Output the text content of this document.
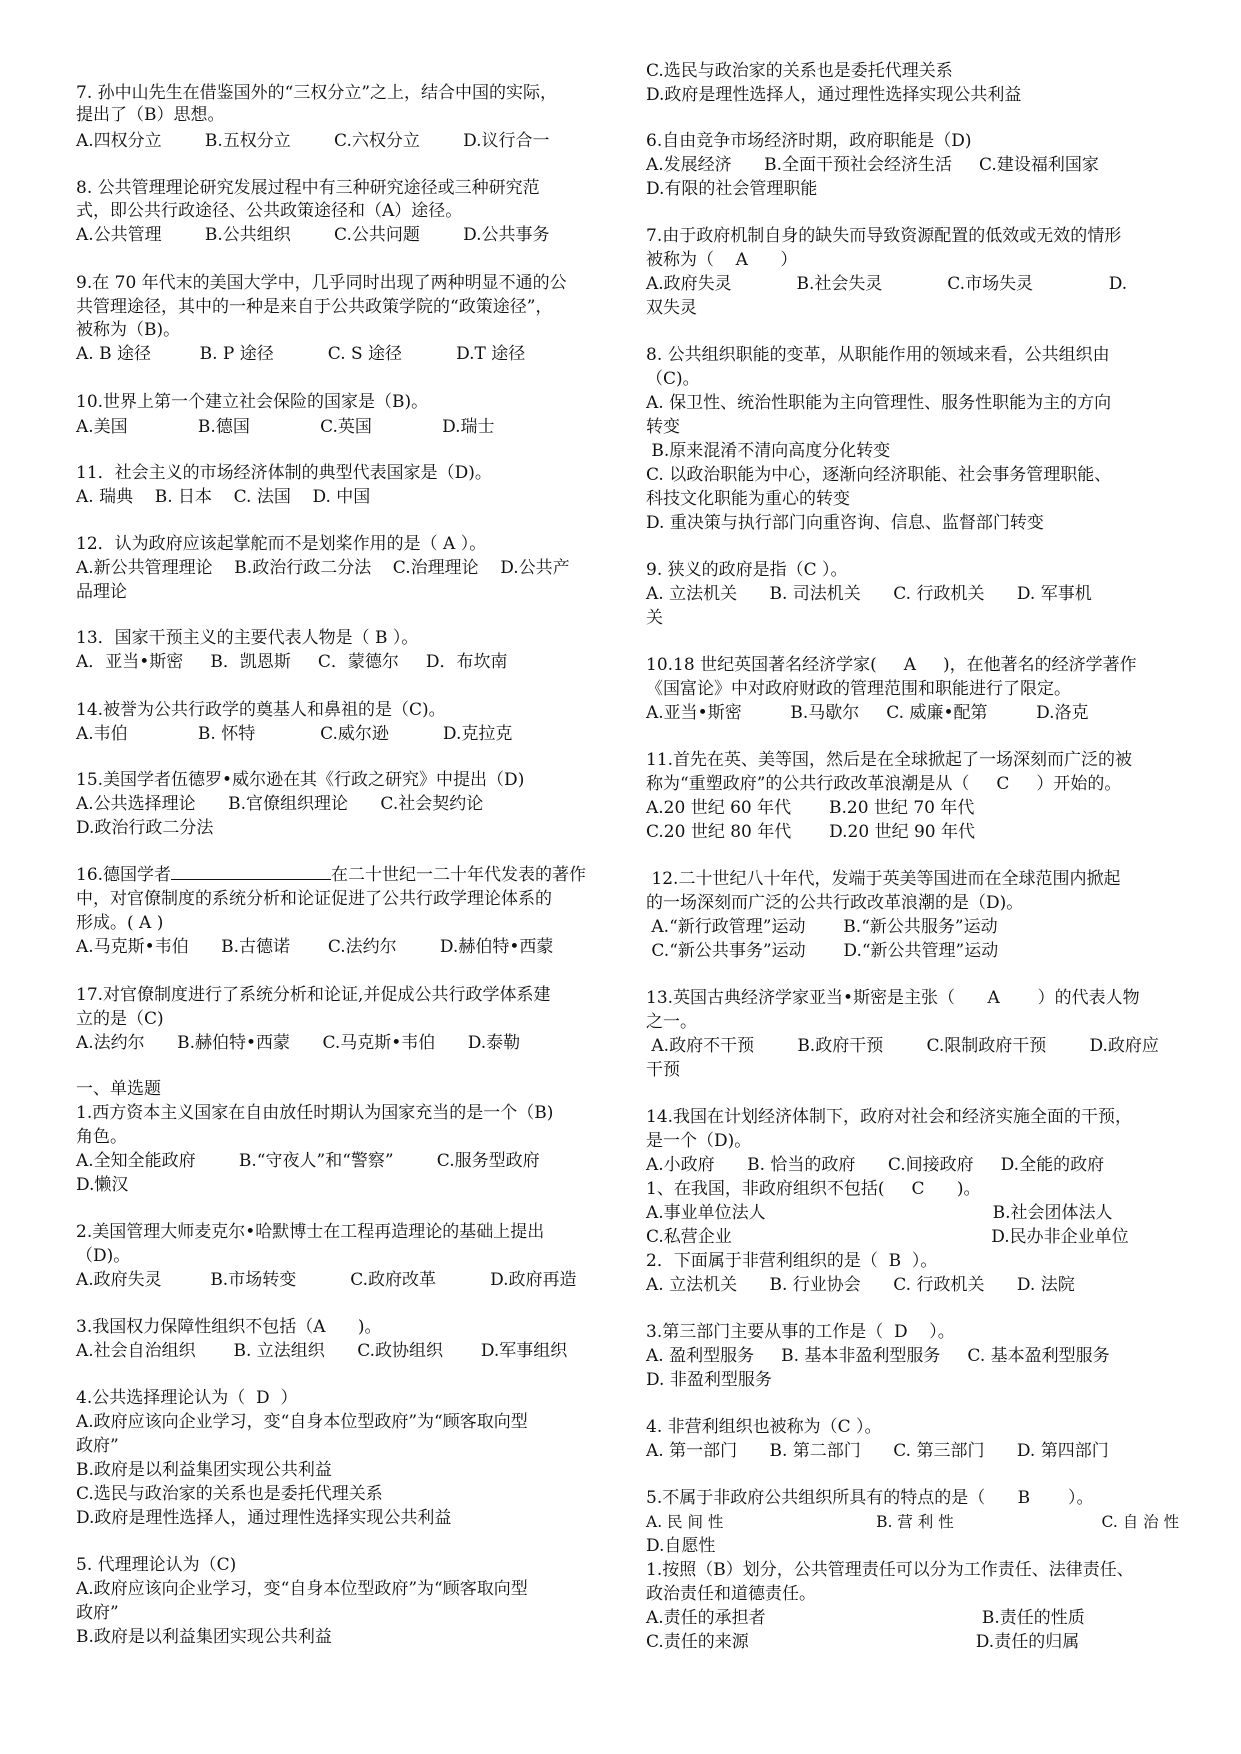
7. 孙中山先生在借鉴国外的“三权分立”之上，结合中国的实际，
提出了（B）思想。
A.四权分立        B.五权分立        C.六权分立        D.议行合一
8. 公共管理理论研究发展过程中有三种研究途径或三种研究范
式，即公共行政途径、公共政策途径和（A）途径。
A.公共管理        B.公共组织        C.公共问题        D.公共事务
9.在 70 年代末的美国大学中，几乎同时出现了两种明显不通的公
共管理途径，其中的一种是来自于公共政策学院的“政策途径”，
被称为（B)。
A. B 途径         B. P 途径          C. S 途径          D.T 途径
10.世界上第一个建立社会保险的国家是（B)。
A.美国             B.德国             C.英国             D.瑞士
11．社会主义的市场经济体制的典型代表国家是（D)。
A. 瑞典    B. 日本    C. 法国    D. 中国
12．认为政府应该起掌舵而不是划桨作用的是（ A ）。
A.新公共管理理论    B.政治行政二分法    C.治理理论    D.公共产
品理论
13．国家干预主义的主要代表人物是（ B ）。
A．亚当•斯密     B．凯恩斯     C．蒙德尔     D．布坎南
14.被誉为公共行政学的奠基人和鼻祖的是（C)。
A.韦伯             B. 怀特            C.威尔逊          D.克拉克
15.美国学者伍德罗•威尔逊在其《行政之研究》中提出（D)
A.公共选择理论      B.官僚组织理论      C.社会契约论
D.政治行政二分法
16.德国学者	在二十世纪一二十年代发表的著作
中，对官僚制度的系统分析和论证促进了公共行政学理论体系的
形成。( A )
A.马克斯•韦伯      B.古德诺       C.法约尔        D.赫伯特•西蒙
17.对官僚制度进行了系统分析和论证,并促成公共行政学体系建
立的是（C)
A.法约尔      B.赫伯特•西蒙      C.马克斯•韦伯      D.泰勒
一、单选题
1.西方资本主义国家在自由放任时期认为国家充当的是一个（B)
角色。
A.全知全能政府        B.“守夜人”和“警察”        C.服务型政府
D.懒汉
2.美国管理大师麦克尔•哈默博士在工程再造理论的基础上提出
（D)。
A.政府失灵         B.市场转变          C.政府改革          D.政府再造
3.我国权力保障性组织不包括（A      )。
A.社会自治组织       B. 立法组织      C.政协组织       D.军事组织
4.公共选择理论认为（  D  ）
A.政府应该向企业学习，变“自身本位型政府”为“顾客取向型
政府”
B.政府是以利益集团实现公共利益
C.选民与政治家的关系也是委托代理关系
D.政府是理性选择人，通过理性选择实现公共利益
5. 代理理论认为（C)
A.政府应该向企业学习，变“自身本位型政府”为“顾客取向型
政府”
B.政府是以利益集团实现公共利益
C.选民与政治家的关系也是委托代理关系
D.政府是理性选择人，通过理性选择实现公共利益
6.自由竞争市场经济时期，政府职能是（D)
A.发展经济      B.全面干预社会经济生活     C.建设福利国家
D.有限的社会管理职能
7.由于政府机制自身的缺失而导致资源配置的低效或无效的情形
被称为（    A      ）
A.政府失灵            B.社会失灵            C.市场失灵              D.
双失灵
8. 公共组织职能的变革，从职能作用的领域来看，公共组织由
（C)。
A. 保卫性、统治性职能为主向管理性、服务性职能为主的方向
转变
B.原来混淆不清向高度分化转变
C. 以政治职能为中心，逐渐向经济职能、社会事务管理职能、
科技文化职能为重心的转变
D. 重决策与执行部门向重咨询、信息、监督部门转变
9. 狭义的政府是指（C ）。
A. 立法机关      B. 司法机关      C. 行政机关      D. 军事机
关
10.18 世纪英国著名经济学家(     A     )，在他著名的经济学著作
《国富论》中对政府财政的管理范围和职能进行了限定。
A.亚当•斯密         B.马歇尔     C. 威廉•配第         D.洛克
11.首先在英、美等国，然后是在全球掀起了一场深刻而广泛的被
称为“重塑政府”的公共行政改革浪潮是从（     C     ）开始的。
A.20 世纪 60 年代       B.20 世纪 70 年代
C.20 世纪 80 年代       D.20 世纪 90 年代
12.二十世纪八十年代，发端于英美等国进而在全球范围内掀起
的一场深刻而广泛的公共行政改革浪潮的是（D)。
A.“新行政管理”运动       B.“新公共服务”运动
C.“新公共事务”运动       D.“新公共管理”运动
13.英国古典经济学家亚当•斯密是主张（      A       ）的代表人物
之一。
A.政府不干预        B.政府干预        C.限制政府干预        D.政府应
干预
14.我国在计划经济体制下，政府对社会和经济实施全面的干预，
是一个（D)。
A.小政府      B. 恰当的政府      C.间接政府     D.全能的政府
1、在我国，非政府组织不包括(     C      )。
A.事业单位法人                                          B.社会团体法人
C.私营企业                                                D.民办非企业单位
2．下面属于非营利组织的是（  B  ）。
A. 立法机关      B. 行业协会      C. 行政机关      D. 法院
3.第三部门主要从事的工作是（  D    ）。
A. 盈利型服务     B. 基本非盈利型服务     C. 基本盈利型服务
D. 非盈利型服务
4. 非营利组织也被称为（C ）。
A. 第一部门      B. 第二部门      C. 第三部门      D. 第四部门
5.不属于非政府公共组织所具有的特点的是（      B       ）。
A. 民 间 性                               B. 营 利 性                              C. 自 治 性
D.自愿性
1.按照（B）划分，公共管理责任可以分为工作责任、法律责任、
政治责任和道德责任。
A.责任的承担者                                        B.责任的性质
C.责任的来源                                          D.责任的归属
